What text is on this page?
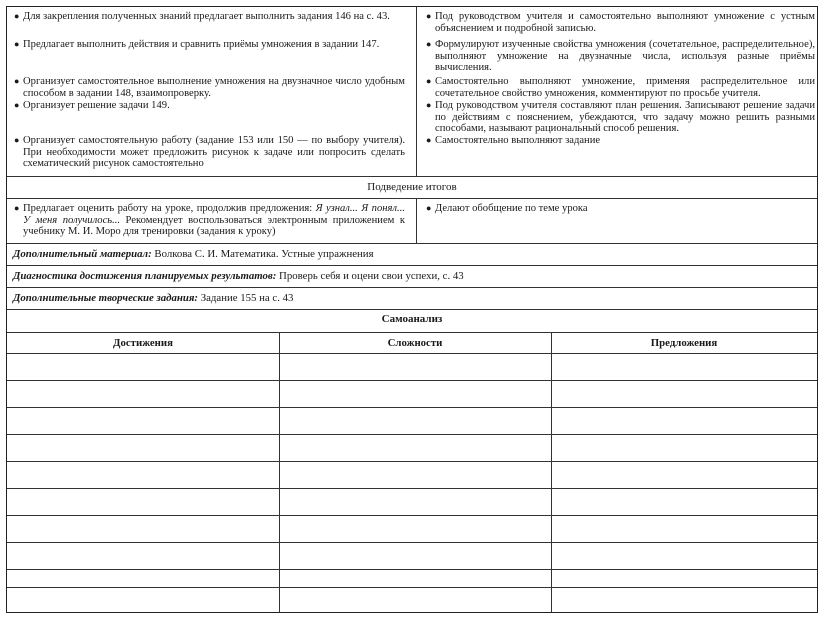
● Для закрепления полученных знаний предлагает выполнить задания 146 на с. 43.
● Предлагает выполнить действия и сравнить приёмы умножения в задании 147.
● Организует самостоятельное выполнение умножения на двузначное число удобным способом в задании 148, взаимопроверку.
● Организует решение задачи 149.
● Организует самостоятельную работу (задание 153 или 150 — по выбору учителя). При необходимости может предложить рисунок к задаче или попросить сделать схематический рисунок самостоятельно
● Под руководством учителя и самостоятельно выполняют умножение с устным объяснением и подробной записью.
● Формулируют изученные свойства умножения (сочетательное, распределительное), выполняют умножение на двузначные числа, используя разные приёмы вычисления.
● Самостоятельно выполняют умножение, применяя распределительное или сочетательное свойство умножения, комментируют по просьбе учителя.
● Под руководством учителя составляют план решения. Записывают решение задачи по действиям с пояснением, убеждаются, что задачу можно решить разными способами, называют рациональный способ решения.
● Самостоятельно выполняют задание
Подведение итогов
● Предлагает оценить работу на уроке, продолжив предложения: Я узнал... Я понял... У меня получилось... Рекомендует воспользоваться электронным приложением к учебнику М. И. Моро для тренировки (задания к уроку)
● Делают обобщение по теме урока
Дополнительный материал: Волкова С. И. Математика. Устные упражнения
Диагностика достижения планируемых результатов: Проверь себя и оцени свои успехи, с. 43
Дополнительные творческие задания: Задание 155 на с. 43
Самоанализ
Достижения	Сложности	Предложения
